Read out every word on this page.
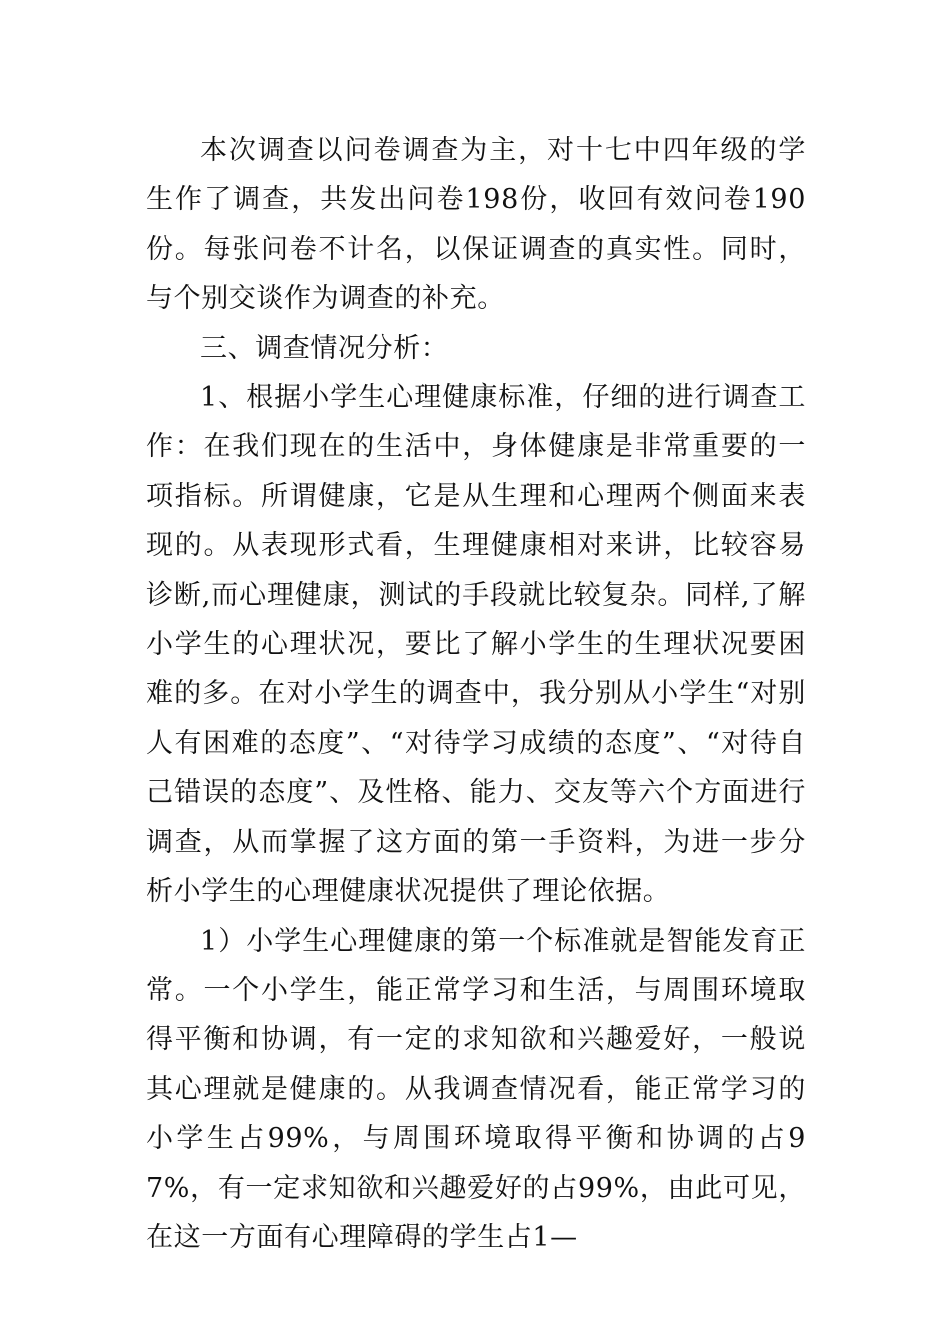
本次调查以问卷调查为主，对十七中四年级的学生作了调查，共发出问卷198份，收回有效问卷190份。每张问卷不计名，以保证调查的真实性。同时，与个别交谈作为调查的补充。

三、调查情况分析：

1、根据小学生心理健康标准，仔细的进行调查工作：在我们现在的生活中，身体健康是非常重要的一项指标。所谓健康，它是从生理和心理两个侧面来表现的。从表现形式看，生理健康相对来讲，比较容易诊断,而心理健康，测试的手段就比较复杂。同样,了解小学生的心理状况，要比了解小学生的生理状况要困难的多。在对小学生的调查中，我分别从小学生“对别人有困难的态度”、“对待学习成绩的态度”、“对待自己错误的态度”、及性格、能力、交友等六个方面进行调查，从而掌握了这方面的第一手资料，为进一步分析小学生的心理健康状况提供了理论依据。

1）小学生心理健康的第一个标准就是智能发育正常。一个小学生，能正常学习和生活，与周围环境取得平衡和协调，有一定的求知欲和兴趣爱好，一般说其心理就是健康的。从我调查情况看，能正常学习的小学生占99%，与周围环境取得平衡和协调的占97%，有一定求知欲和兴趣爱好的占99%，由此可见，在这一方面有心理障碍的学生占1—
